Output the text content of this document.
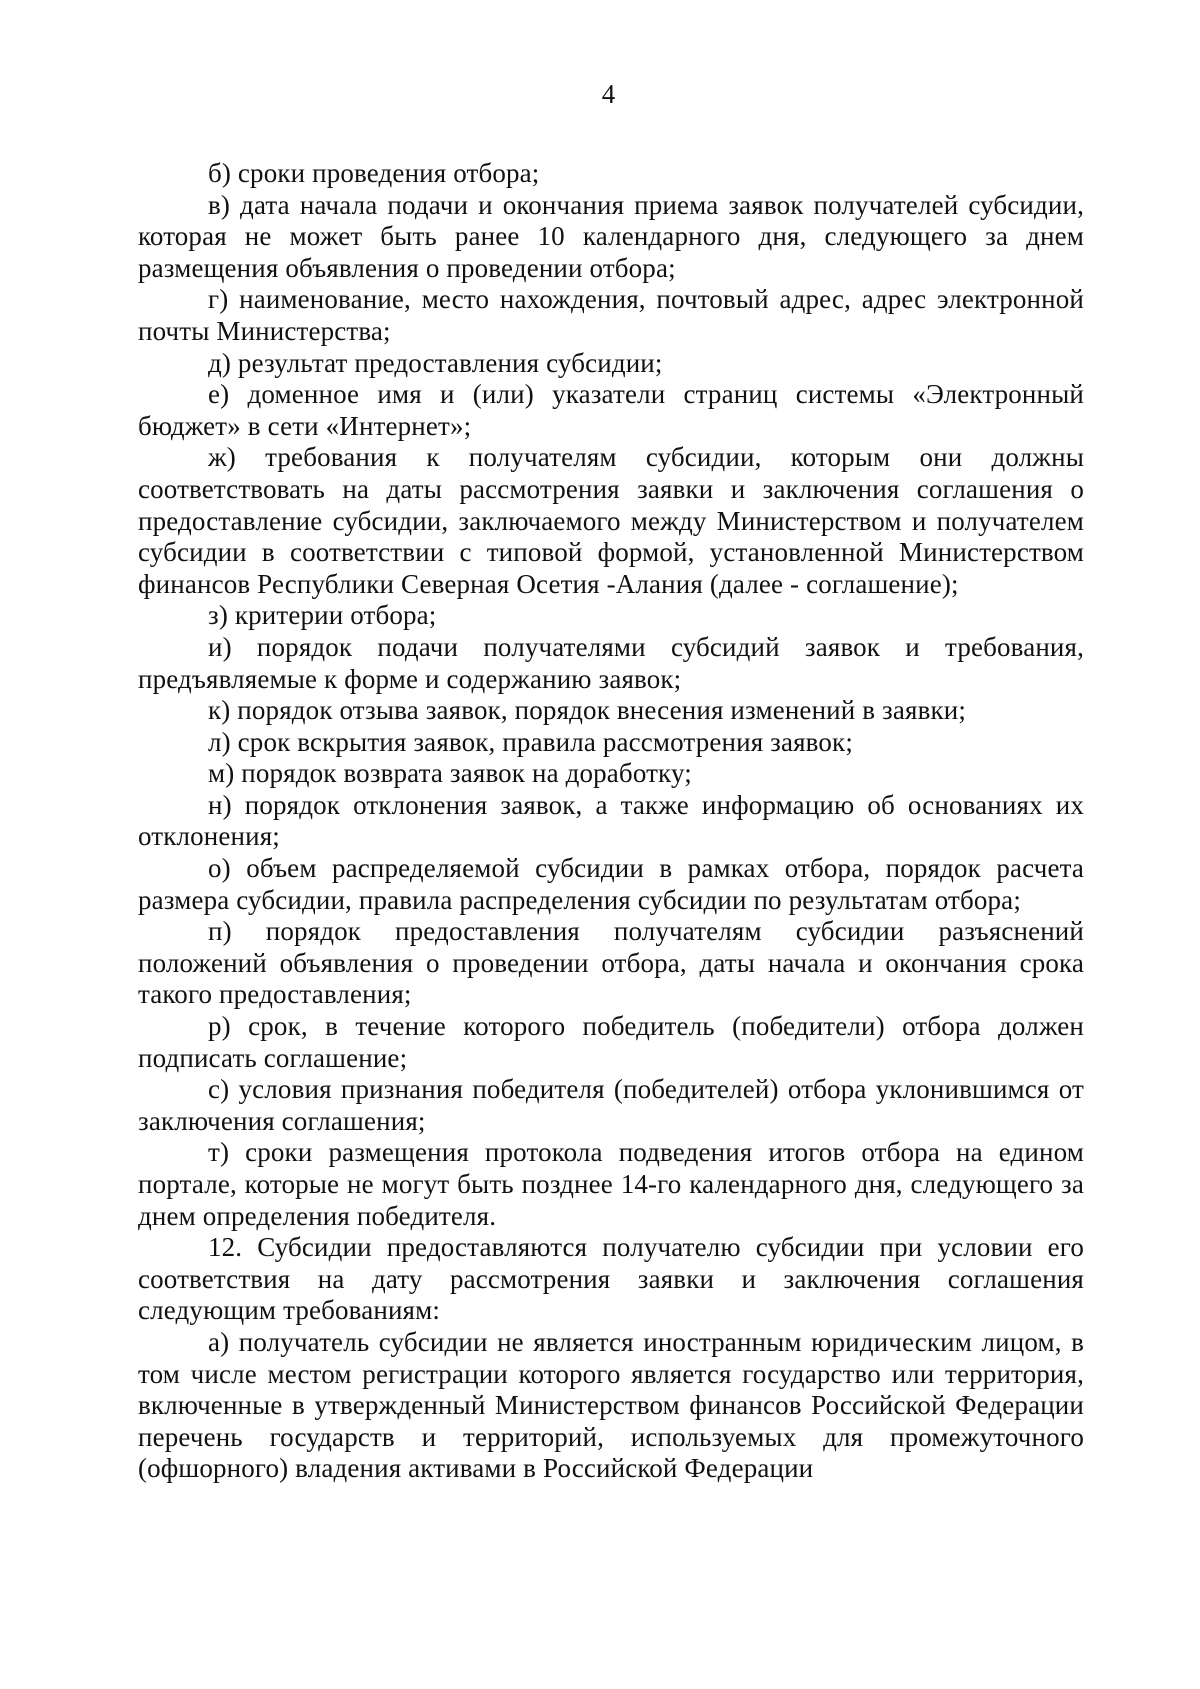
4

б) сроки проведения отбора;

в) дата начала подачи и окончания приема заявок получателей субсидии, которая не может быть ранее 10 календарного дня, следующего за днем размещения объявления о проведении отбора;

г) наименование, место нахождения, почтовый адрес, адрес электронной почты Министерства;

д) результат предоставления субсидии;

е) доменное имя и (или) указатели страниц системы «Электронный бюджет» в сети «Интернет»;

ж) требования к получателям субсидии, которым они должны соответствовать на даты рассмотрения заявки и заключения соглашения о предоставление субсидии, заключаемого между Министерством и получателем субсидии в соответствии с типовой формой, установленной Министерством финансов Республики Северная Осетия -Алания (далее - соглашение);

з) критерии отбора;

и) порядок подачи получателями субсидий заявок и требования, предъявляемые к форме и содержанию заявок;

к) порядок отзыва заявок, порядок внесения изменений в заявки;

л) срок вскрытия заявок, правила рассмотрения заявок;

м) порядок возврата заявок на доработку;

н) порядок отклонения заявок, а также информацию об основаниях их отклонения;

о) объем распределяемой субсидии в рамках отбора, порядок расчета размера субсидии, правила распределения субсидии по результатам отбора;

п) порядок предоставления получателям субсидии разъяснений положений объявления о проведении отбора, даты начала и окончания срока такого предоставления;

р) срок, в течение которого победитель (победители) отбора должен подписать соглашение;

с) условия признания победителя (победителей) отбора уклонившимся от заключения соглашения;

т) сроки размещения протокола подведения итогов отбора на едином портале, которые не могут быть позднее 14-го календарного дня, следующего за днем определения победителя.

12. Субсидии предоставляются получателю субсидии при условии его соответствия на дату рассмотрения заявки и заключения соглашения следующим требованиям:

а) получатель субсидии не является иностранным юридическим лицом, в том числе местом регистрации которого является государство или территория, включенные в утвержденный Министерством финансов Российской Федерации перечень государств и территорий, используемых для промежуточного (офшорного) владения активами в Российской Федерации
